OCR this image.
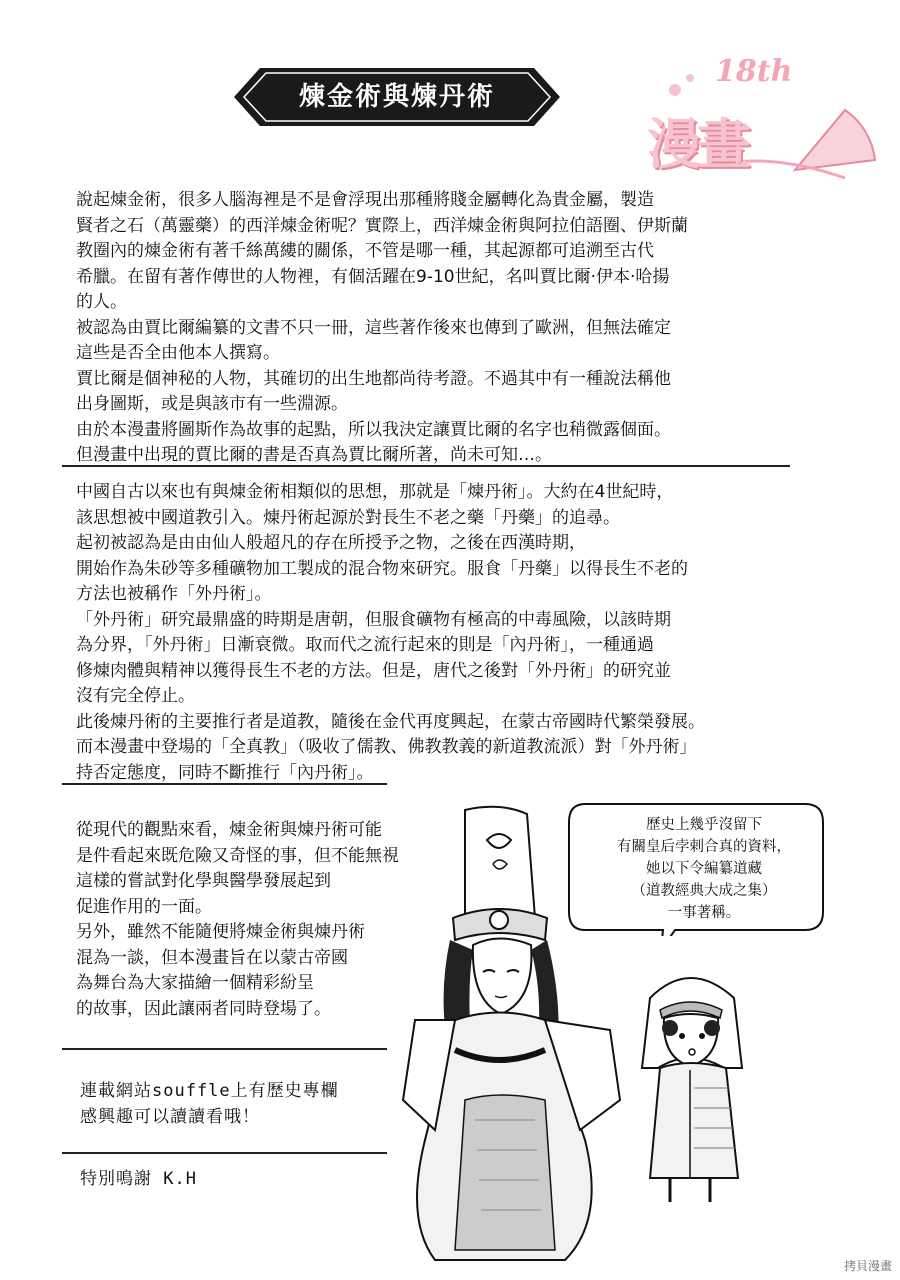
煉金術與煉丹術
18th
漫畫

說起煉金術，很多人腦海裡是不是會浮現出那種將賤金屬轉化為貴金屬，製造

賢者之石（萬靈藥）的西洋煉金術呢？實際上，西洋煉金術與阿拉伯語圈、伊斯蘭

教圈內的煉金術有著千絲萬縷的關係，不管是哪一種，其起源都可追溯至古代

希臘。在留有著作傳世的人物裡，有個活躍在9-10世紀，名叫賈比爾·伊本·哈揚

的人。

被認為由賈比爾編纂的文書不只一冊，這些著作後來也傳到了歐洲，但無法確定

這些是否全由他本人撰寫。

賈比爾是個神秘的人物，其確切的出生地都尚待考證。不過其中有一種說法稱他

出身圖斯，或是與該市有一些淵源。

由於本漫畫將圖斯作為故事的起點，所以我決定讓賈比爾的名字也稍微露個面。

但漫畫中出現的賈比爾的書是否真為賈比爾所著，尚未可知…。

中國自古以來也有與煉金術相類似的思想，那就是「煉丹術」。大約在4世紀時，

該思想被中國道教引入。煉丹術起源於對長生不老之藥「丹藥」的追尋。

起初被認為是由由仙人般超凡的存在所授予之物，之後在西漢時期，

開始作為朱砂等多種礦物加工製成的混合物來研究。服食「丹藥」以得長生不老的

方法也被稱作「外丹術」。

「外丹術」研究最鼎盛的時期是唐朝，但服食礦物有極高的中毒風險，以該時期

為分界，「外丹術」日漸衰微。取而代之流行起來的則是「內丹術」，一種通過

修煉肉體與精神以獲得長生不老的方法。但是，唐代之後對「外丹術」的研究並

沒有完全停止。

此後煉丹術的主要推行者是道教，隨後在金代再度興起，在蒙古帝國時代繁榮發展。

而本漫畫中登場的「全真教」（吸收了儒教、佛教教義的新道教流派）對「外丹術」

持否定態度，同時不斷推行「內丹術」。

從現代的觀點來看，煉金術與煉丹術可能

是件看起來既危險又奇怪的事，但不能無視

這樣的嘗試對化學與醫學發展起到

促進作用的一面。

另外，雖然不能隨便將煉金術與煉丹術

混為一談，但本漫畫旨在以蒙古帝國

為舞台為大家描繪一個精彩紛呈

的故事，因此讓兩者同時登場了。

連載網站souffle上有歷史專欄
感興趣可以讀讀看哦！
特別鳴謝 K.H
歷史上幾乎沒留下
有關皇后孛剌合真的資料，
她以下令編纂道藏
（道教經典大成之集）
一事著稱。
拷貝漫畫
